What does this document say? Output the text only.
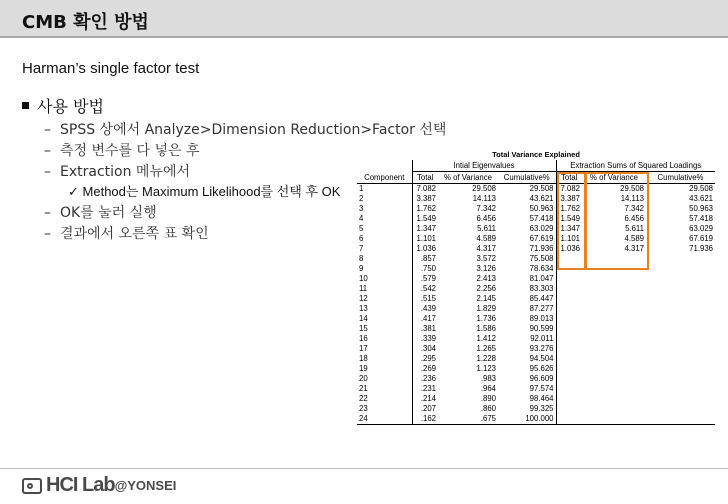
CMB 확인 방법
Harman’s single factor test
사용 방법
– SPSS 상에서 Analyze>Dimension Reduction>Factor 선택
– 측정 변수를 다 넣은 후
– Extraction 메뉴에서
✓ Method는 Maximum Likelihood를 선택 후 OK
– OK를 눌러 실행
– 결과에서 오른쪽 표 확인
Total Variance Explained
	Intial Eigenvalues			Extraction Sums of Squared Loadings		
Component	Total	% of Variance	Cumulative%	Total	% of Variance	Cumulative%
1	7.082	29.508	29.508	7.082	29.508	29.508
2	3.387	14.113	43.621	3.387	14.113	43.621
3	1.762	7.342	50.963	1.762	7.342	50.963
4	1.549	6.456	57.418	1.549	6.456	57.418
5	1.347	5.611	63.029	1.347	5.611	63.029
6	1.101	4.589	67.619	1.101	4.589	67.619
7	1.036	4.317	71.936	1.036	4.317	71.936
8	.857	3.572	75.508			
9	.750	3.126	78.634			
10	.579	2.413	81.047			
11	.542	2.256	83.303			
12	.515	2.145	85.447			
13	.439	1.829	87.277			
14	.417	1.736	89.013			
15	.381	1.586	90.599			
16	.339	1.412	92.011			
17	.304	1.265	93.276			
18	.295	1.228	94.504			
19	.269	1.123	95.626			
20	.236	.983	96.609			
21	.231	.964	97.574			
22	.214	.890	98.464			
23	.207	.860	99.325			
24	.162	.675	100.000			
HCI Lab@YONSEI
